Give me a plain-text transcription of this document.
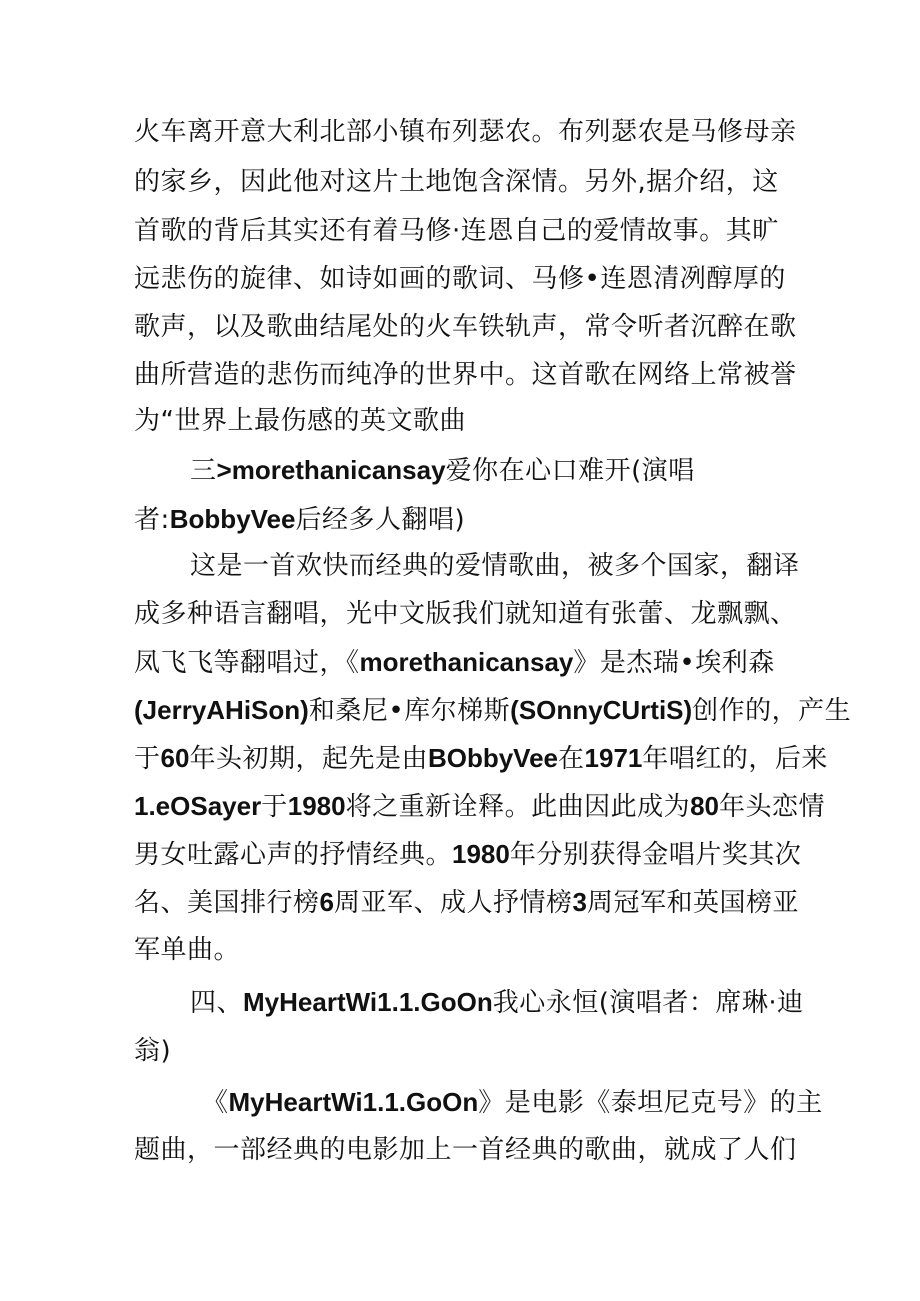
火车离开意大利北部小镇布列瑟农。布列瑟农是马修母亲
的家乡，因此他对这片土地饱含深情。另外,据介绍，这
首歌的背后其实还有着马修·连恩自己的爱情故事。其旷
远悲伤的旋律、如诗如画的歌词、马修•连恩清冽醇厚的
歌声，以及歌曲结尾处的火车铁轨声，常令听者沉醉在歌
曲所营造的悲伤而纯净的世界中。这首歌在网络上常被誉
为“世界上最伤感的英文歌曲
三>morethanicansay爱你在心口难开(演唱
者:BobbyVee后经多人翻唱)
这是一首欢快而经典的爱情歌曲，被多个国家，翻译
成多种语言翻唱，光中文版我们就知道有张蕾、龙飘飘、
凤飞飞等翻唱过，《morethanicansay》是杰瑞•埃利森
(JerryAHiSon)和桑尼•库尔梯斯(SOnnyCUrtiS)创作的，产生
于60年头初期，起先是由BObbyVee在1971年唱红的，后来
1.eOSayer于1980将之重新诠释。此曲因此成为80年头恋情
男女吐露心声的抒情经典。1980年分别获得金唱片奖其次
名、美国排行榜6周亚军、成人抒情榜3周冠军和英国榜亚
军单曲。
四、MyHeartWi1.1.GoOn我心永恒(演唱者：席琳·迪
翁)
《MyHeartWi1.1.GoOn》是电影《泰坦尼克号》的主
题曲，一部经典的电影加上一首经典的歌曲，就成了人们
